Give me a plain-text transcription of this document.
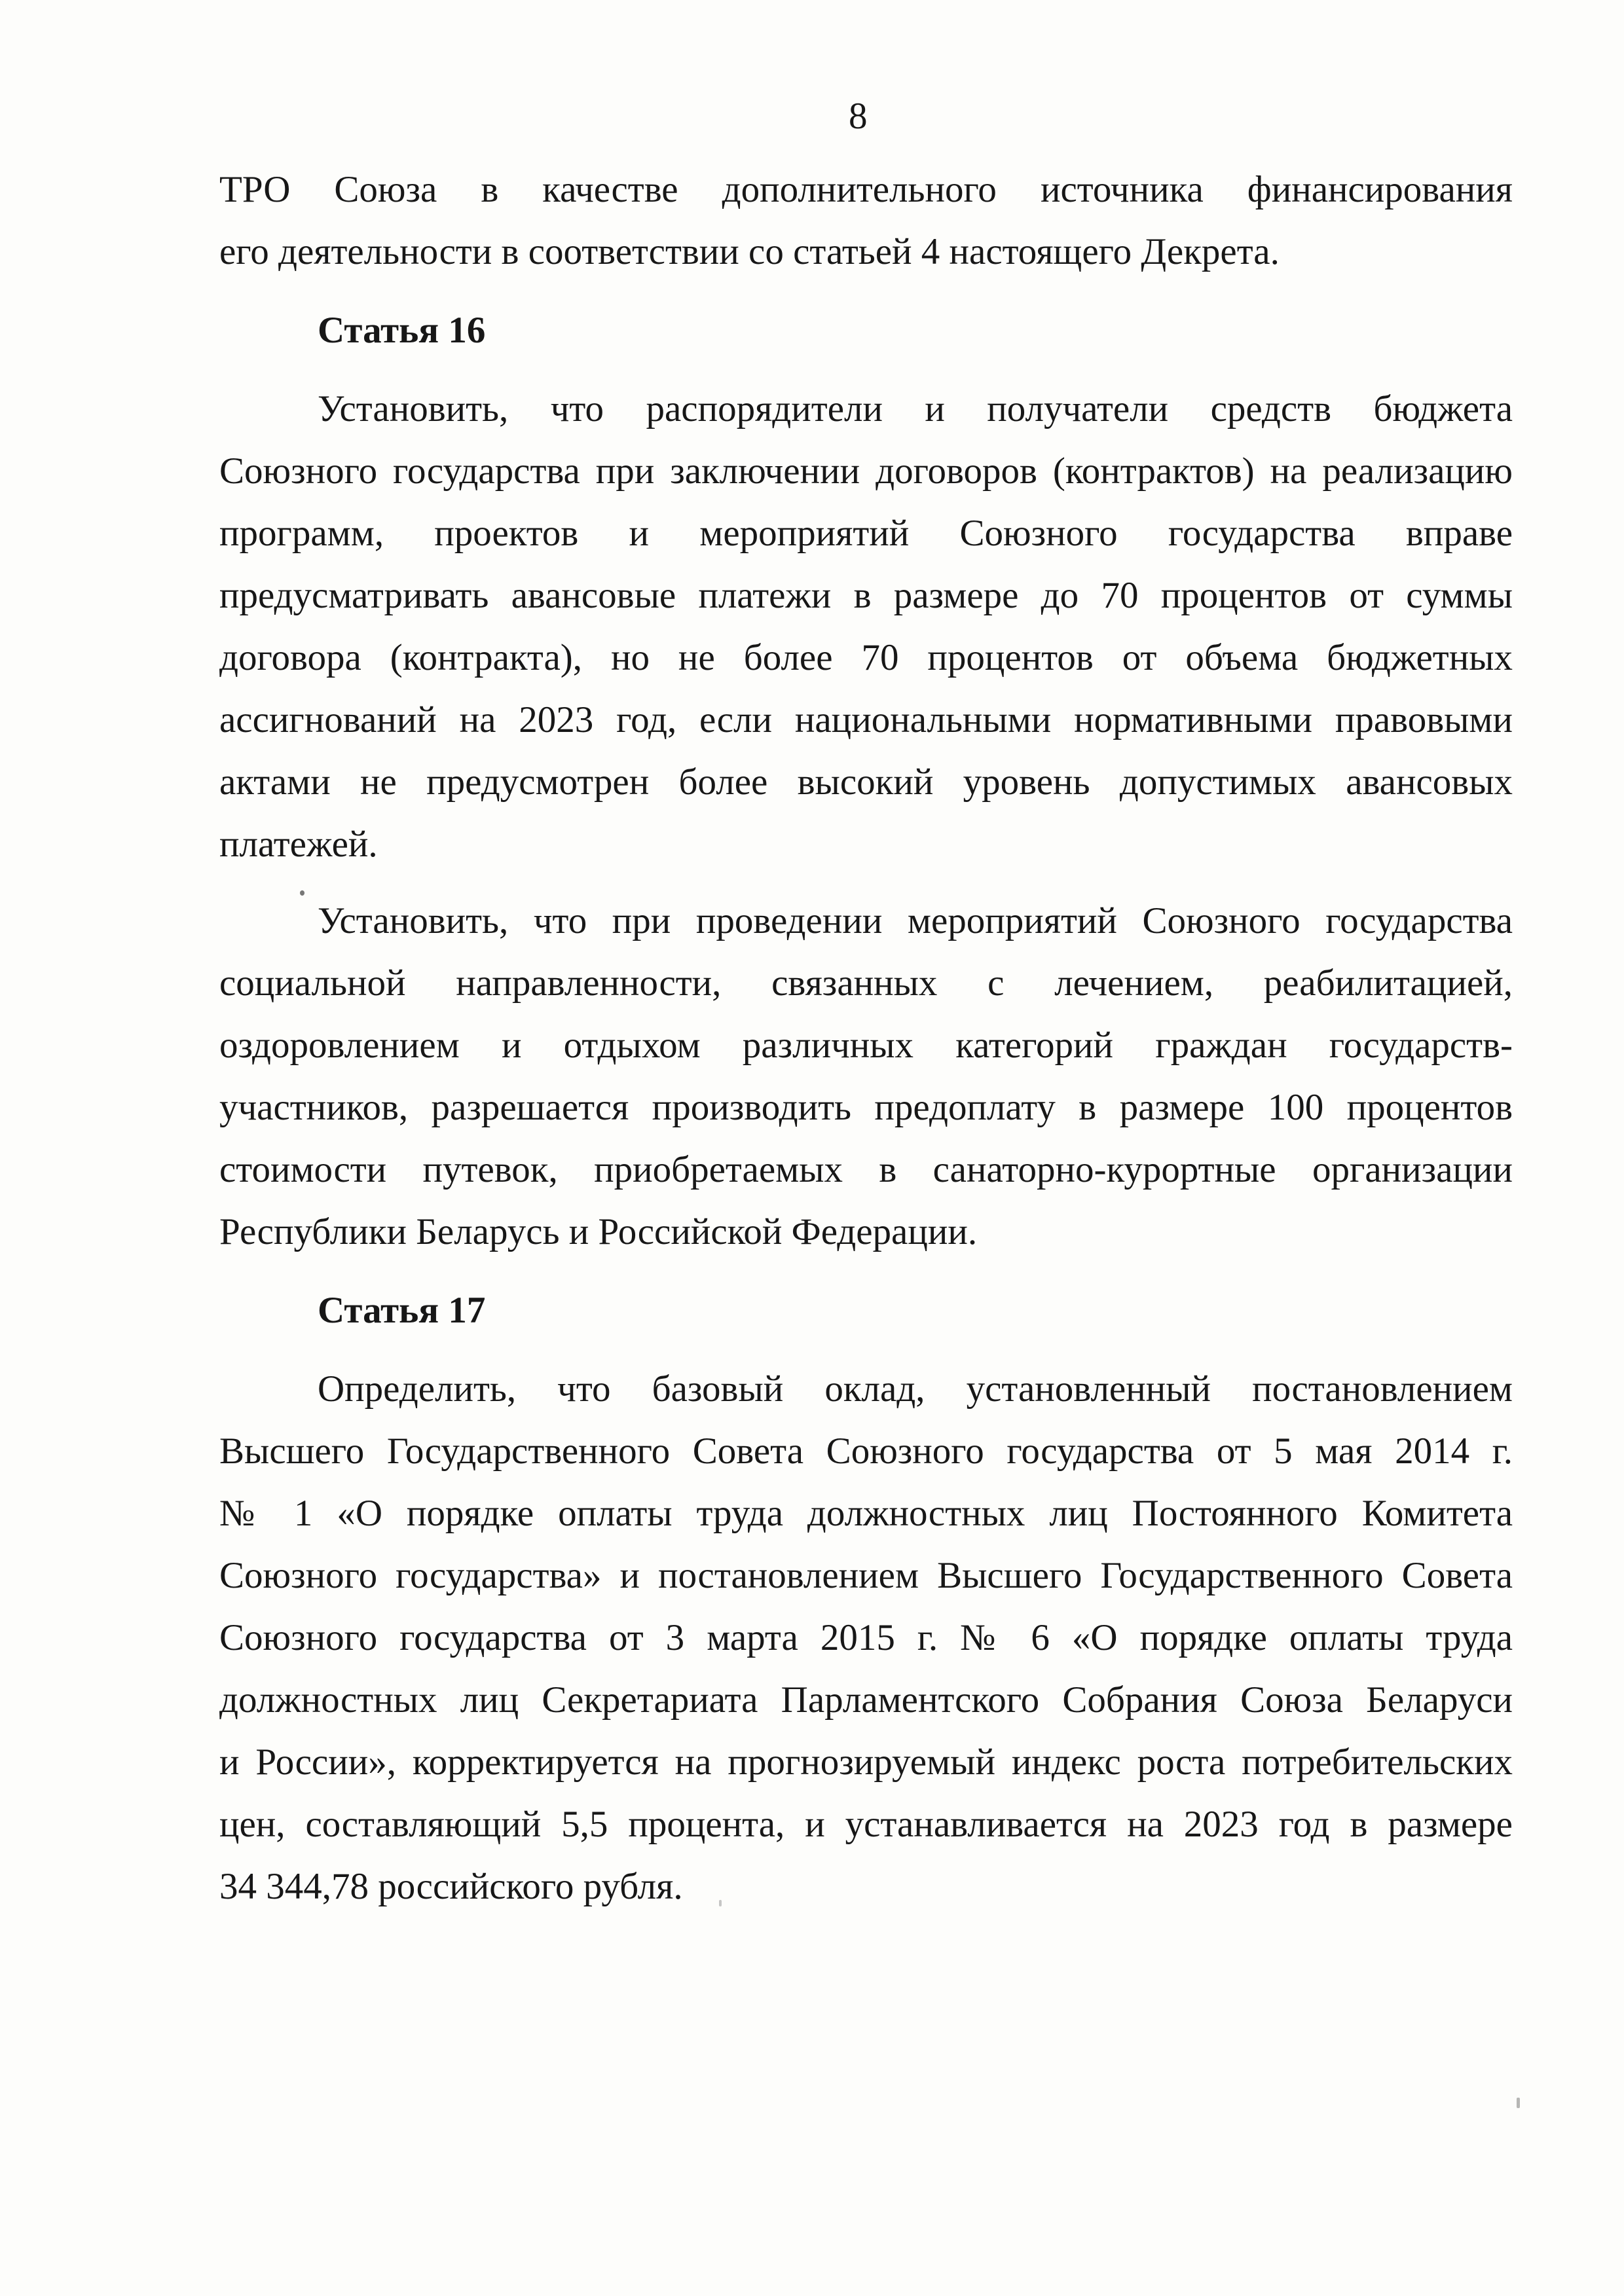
8
ТРО Союза в качестве дополнительного источника финансирования
его деятельности в соответствии со статьей 4 настоящего Декрета.
Статья 16
Установить, что распорядители и получатели средств бюджета
Союзного государства при заключении договоров (контрактов) на реализацию
программ, проектов и мероприятий Союзного государства вправе
предусматривать авансовые платежи в размере до 70 процентов от суммы
договора (контракта), но не более 70 процентов от объема бюджетных
ассигнований на 2023 год, если национальными нормативными правовыми
актами не предусмотрен более высокий уровень допустимых авансовых
платежей.
Установить, что при проведении мероприятий Союзного государства
социальной направленности, связанных с лечением, реабилитацией,
оздоровлением и отдыхом различных категорий граждан государств-
участников, разрешается производить предоплату в размере 100 процентов
стоимости путевок, приобретаемых в санаторно-курортные организации
Республики Беларусь и Российской Федерации.
Статья 17
Определить, что базовый оклад, установленный постановлением
Высшего Государственного Совета Союзного государства от 5 мая 2014 г.
№ 1 «О порядке оплаты труда должностных лиц Постоянного Комитета
Союзного государства» и постановлением Высшего Государственного Совета
Союзного государства от 3 марта 2015 г. № 6 «О порядке оплаты труда
должностных лиц Секретариата Парламентского Собрания Союза Беларуси
и России», корректируется на прогнозируемый индекс роста потребительских
цен, составляющий 5,5 процента, и устанавливается на 2023 год в размере
34 344,78 российского рубля.
